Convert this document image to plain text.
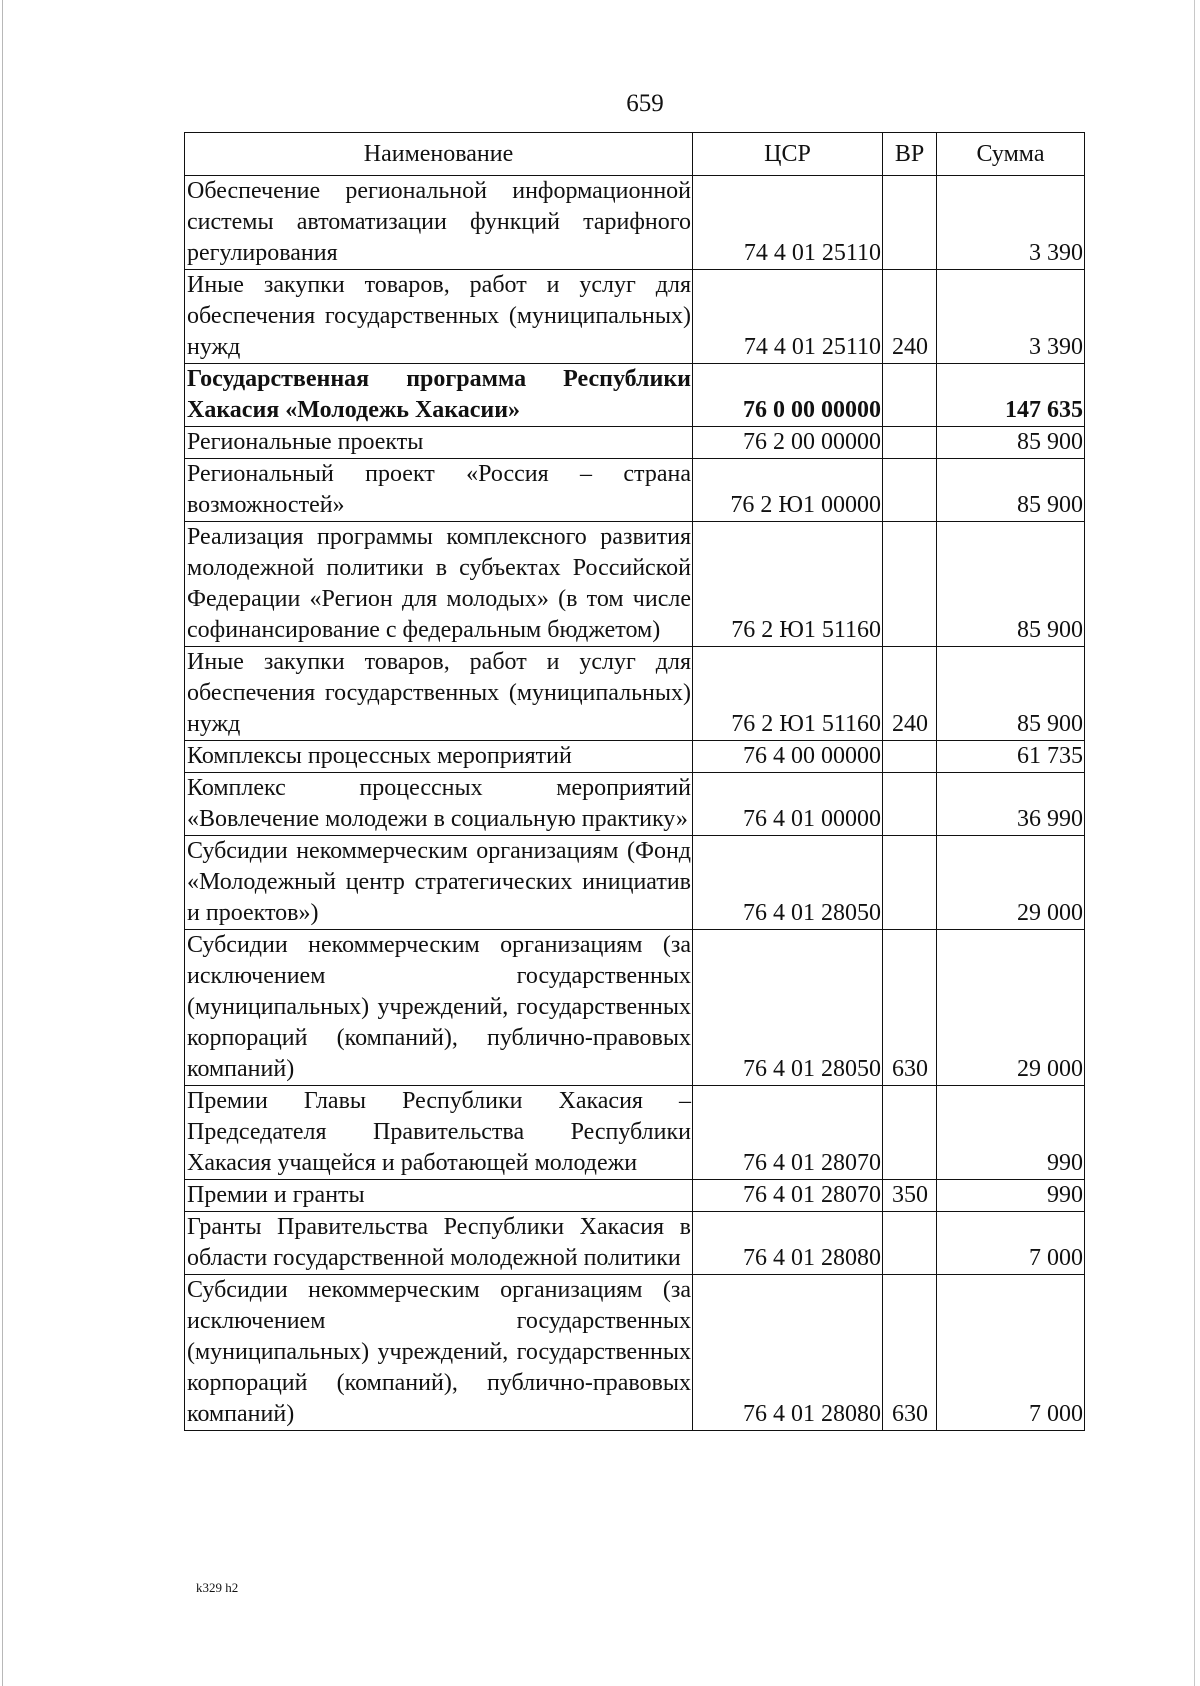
659
Наименование	ЦСР	ВР	Сумма
Обеспечение региональной информационной системы автоматизации функций тарифного регулирования	74 4 01 25110		3 390
Иные закупки товаров, работ и услуг для обеспечения государственных (муниципальных) нужд	74 4 01 25110	240	3 390
Государственная программа Республики Хакасия «Молодежь Хакасии»	76 0 00 00000		147 635
Региональные проекты	76 2 00 00000		85 900
Региональный проект «Россия – страна возможностей»	76 2 Ю1 00000		85 900
Реализация программы комплексного развития молодежной политики в субъектах Российской Федерации «Регион для молодых» (в том числе софинансирование с федеральным бюджетом)	76 2 Ю1 51160		85 900
Иные закупки товаров, работ и услуг для обеспечения государственных (муниципальных) нужд	76 2 Ю1 51160	240	85 900
Комплексы процессных мероприятий	76 4 00 00000		61 735
Комплекс процессных мероприятий «Вовлечение молодежи в социальную практику»	76 4 01 00000		36 990
Субсидии некоммерческим организациям (Фонд «Молодежный центр стратегических инициатив и проектов»)	76 4 01 28050		29 000
Субсидии некоммерческим организациям (за исключением государственных (муниципальных) учреждений, государственных корпораций (компаний), публично-правовых компаний)	76 4 01 28050	630	29 000
Премии Главы Республики Хакасия – Председателя Правительства Республики Хакасия учащейся и работающей молодежи	76 4 01 28070		990
Премии и гранты	76 4 01 28070	350	990
Гранты Правительства Республики Хакасия в области государственной молодежной политики	76 4 01 28080		7 000
Субсидии некоммерческим организациям (за исключением государственных (муниципальных) учреждений, государственных корпораций (компаний), публично-правовых компаний)	76 4 01 28080	630	7 000
k329 h2
